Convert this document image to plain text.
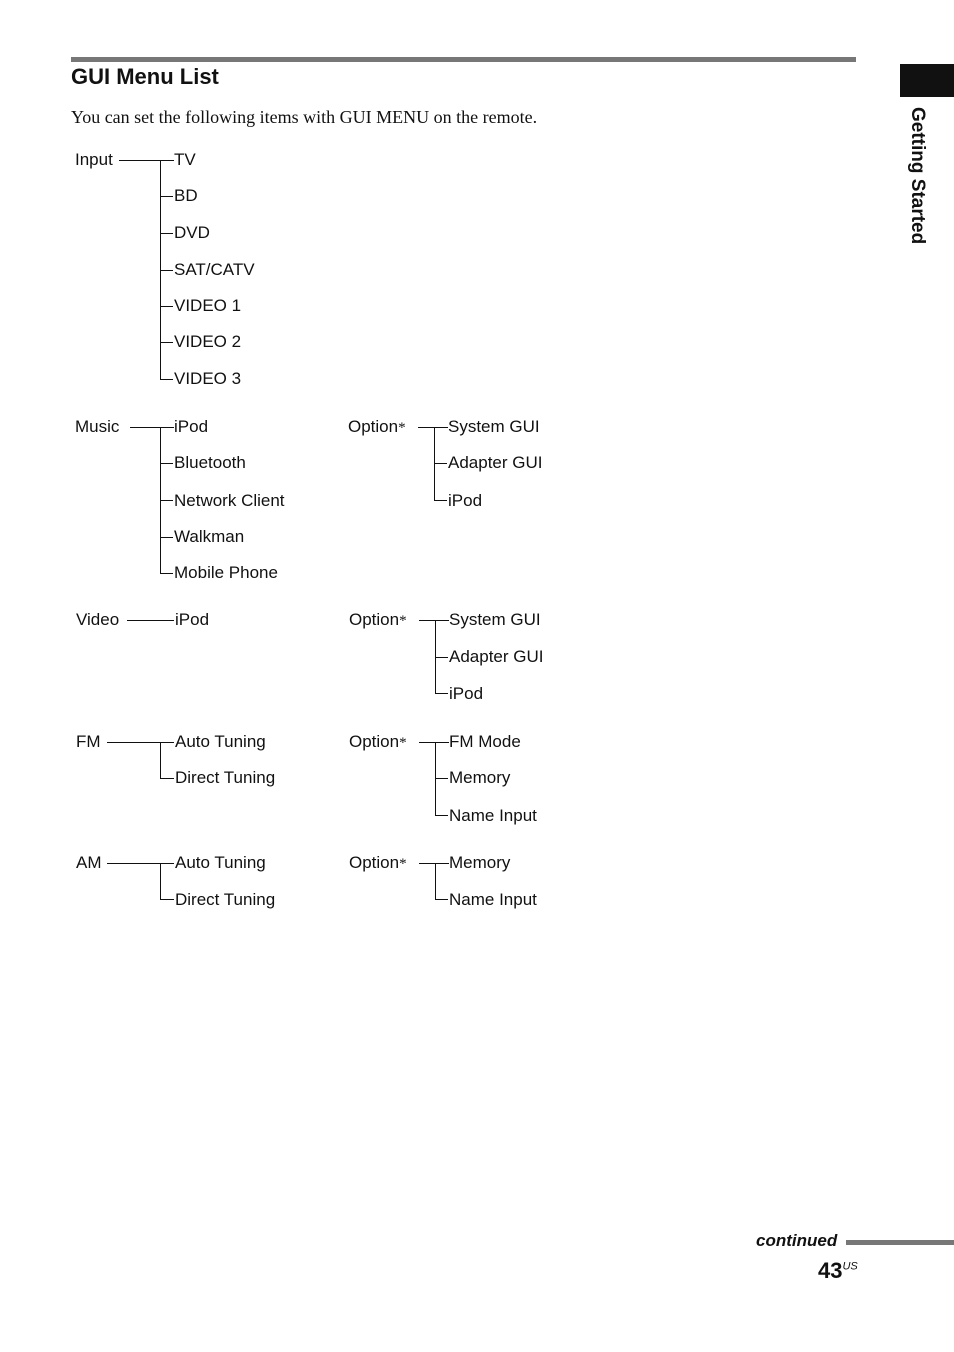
GUI Menu List
You can set the following items with GUI MENU on the remote.	Getting Started
Input	TV
BD
DVD
SAT/CATV
VIDEO 1
VIDEO 2
VIDEO 3
Music	iPod
Bluetooth
Network Client
Walkman
Mobile Phone
Option* System GUI
Adapter GUI
iPod
Video	iPod	Option* System GUI
Adapter GUI
iPod
FM	Auto Tuning
Direct Tuning
Option* FM Mode
Memory
Name Input
AM	Auto Tuning
Direct Tuning
Option* Memory
Name Input
continued
$43^{US}$
